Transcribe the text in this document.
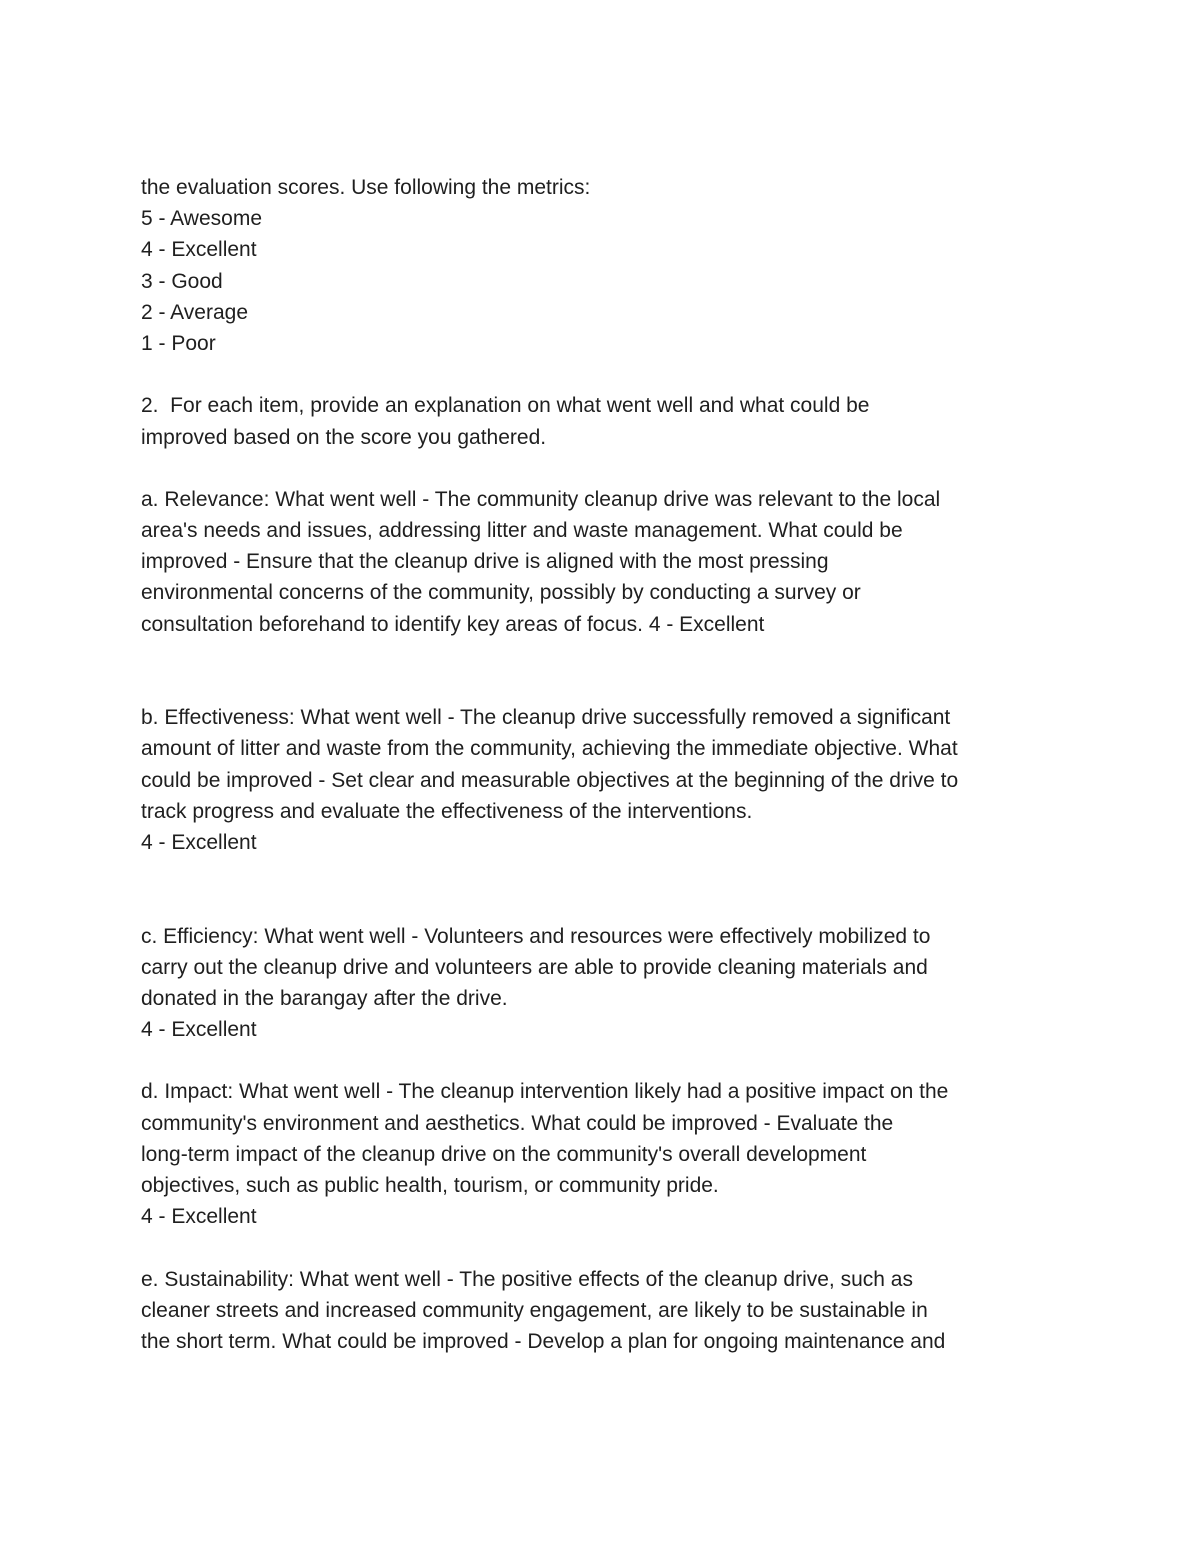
the evaluation scores. Use following the metrics:
5 - Awesome
4 - Excellent
3 - Good
2 - Average
1 - Poor
2.  For each item, provide an explanation on what went well and what could be
improved based on the score you gathered.
a. Relevance: What went well - The community cleanup drive was relevant to the local
area's needs and issues, addressing litter and waste management. What could be
improved - Ensure that the cleanup drive is aligned with the most pressing
environmental concerns of the community, possibly by conducting a survey or
consultation beforehand to identify key areas of focus. 4 - Excellent
b. Effectiveness: What went well - The cleanup drive successfully removed a significant
amount of litter and waste from the community, achieving the immediate objective. What
could be improved - Set clear and measurable objectives at the beginning of the drive to
track progress and evaluate the effectiveness of the interventions.
4 - Excellent
c. Efficiency: What went well - Volunteers and resources were effectively mobilized to
carry out the cleanup drive and volunteers are able to provide cleaning materials and
donated in the barangay after the drive.
4 - Excellent
d. Impact: What went well - The cleanup intervention likely had a positive impact on the
community's environment and aesthetics. What could be improved - Evaluate the
long-term impact of the cleanup drive on the community's overall development
objectives, such as public health, tourism, or community pride.
4 - Excellent
e. Sustainability: What went well - The positive effects of the cleanup drive, such as
cleaner streets and increased community engagement, are likely to be sustainable in
the short term. What could be improved - Develop a plan for ongoing maintenance and
